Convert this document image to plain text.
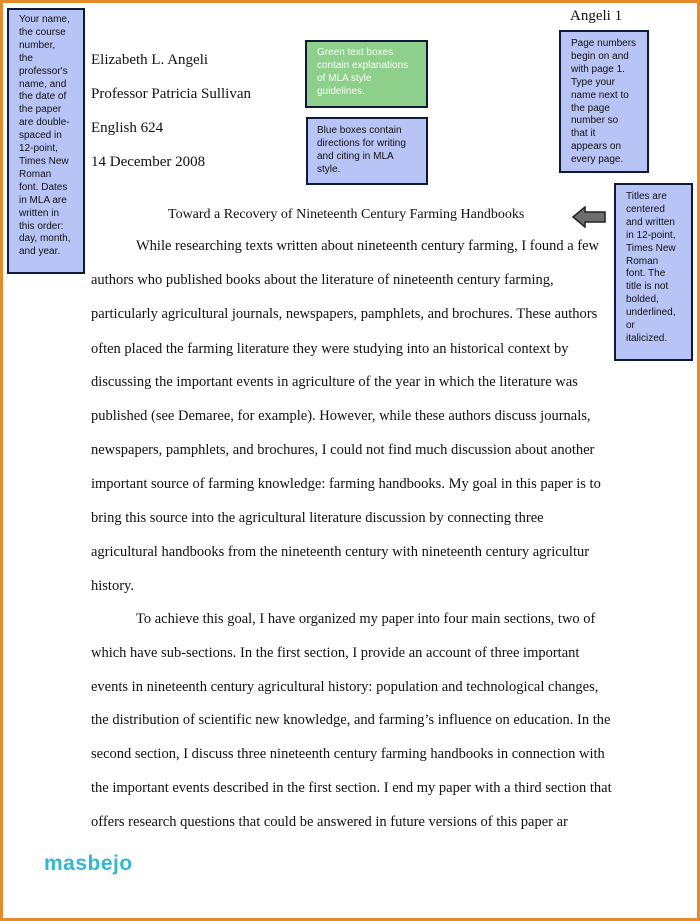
Angeli 1
Elizabeth L. Angeli
Professor Patricia Sullivan
English 624
14 December 2008
Your name,
the course
number,
the
professor's
name, and
the date of
the paper
are double-
spaced in
12-point,
Times New
Roman
font. Dates
in MLA are
written in
this order:
day, month,
and year.
Green text boxes
contain explanations
of MLA style
guidelines.
Blue boxes contain
directions for writing
and citing in MLA
style.
Page numbers
begin on and
with page 1.
Type your
name next to
the page
number so
that it
appears on
every page.
Titles are
centered
and written
in 12-point,
Times New
Roman
font. The
title is not
bolded,
underlined,
or
italicized.
Toward a Recovery of Nineteenth Century Farming Handbooks
While researching texts written about nineteenth century farming, I found a few
authors who published books about the literature of nineteenth century farming,
particularly agricultural journals, newspapers, pamphlets, and brochures. These authors
often placed the farming literature they were studying into an historical context by
discussing the important events in agriculture of the year in which the literature was
published (see Demaree, for example). However, while these authors discuss journals,
newspapers, pamphlets, and brochures, I could not find much discussion about another
important source of farming knowledge: farming handbooks. My goal in this paper is to
bring this source into the agricultural literature discussion by connecting three
agricultural handbooks from the nineteenth century with nineteenth century agricultur
history.
To achieve this goal, I have organized my paper into four main sections, two of
which have sub-sections. In the first section, I provide an account of three important
events in nineteenth century agricultural history: population and technological changes,
the distribution of scientific new knowledge, and farming’s influence on education. In the
second section, I discuss three nineteenth century farming handbooks in connection with
the important events described in the first section. I end my paper with a third section that
offers research questions that could be answered in future versions of this paper ar
masbejo
